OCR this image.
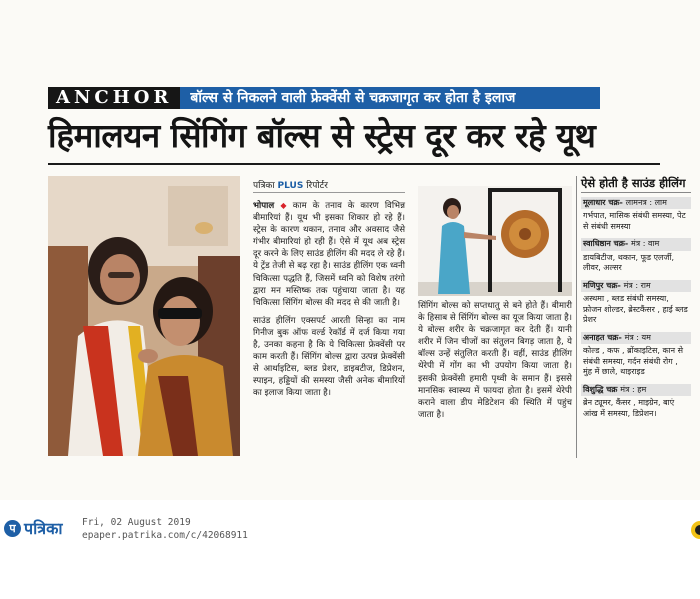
ANCHOR	बॉल्स से निकलने वाली फ्रेक्वेंसी से चक्रजागृत कर होता है इलाज
हिमालयन सिंगिंग बॉल्स से स्ट्रेस दूर कर रहे यूथ
पत्रिका PLUS रिपोर्टर

भोपाल ◆ काम के तनाव के कारण विभिन्न बीमारियां हैं। यूथ भी इसका शिकार हो रहे हैं। स्ट्रेस के कारण थकान, तनाव और अवसाद जैसे गंभीर बीमारियां हो रही हैं। ऐसे में यूथ अब स्ट्रेस दूर करने के लिए साउंड हीलिंग की मदद ले रहे हैं। ये ट्रेंड तेजी से बढ़ रहा है। साउंड हीलिंग एक ध्वनी चिकित्सा पद्धति हैं, जिसमें ध्वनि को विशेष तरंगो द्वारा मन मस्तिष्क तक पहुंचाया जाता है। यह चिकित्सा सिंगिंग बोल्स की मदद से की जाती है।

साउंड हीलिंग एक्सपर्ट आरती सिन्हा का नाम गिनीज बुक ऑफ वर्ल्ड रेकॉर्ड में दर्ज किया गया है, उनका कहना है कि ये चिकित्सा फ्रेक्वेंसी पर काम करती हैं। सिंगिंग बोल्स द्वारा उत्पन्न फ्रेक्वेंसी से आर्थाइटिस, ब्लड प्रेशर, डाइबटीज, डिप्रेशन, स्पाइन, हड्डियों की समस्या जैसी अनेक बीमारियों का इलाज किया जाता है।

सिंगिंग बोल्स को सप्तधातु से बने होते हैं। बीमारी के हिसाब से सिंगिंग बोल्स का यूज किया जाता है। ये बोल्स शरीर के चक्रजागृत कर देती हैं। यानी शरीर में जिन चीजों का संतुलन बिगड़ जाता है, ये बॉल्स उन्हें संतुलित करती हैं। वहीं, साउंड हीलिंग थेरेपी में गोंग का भी उपयोग किया जाता है। इसकी फ्रेक्वेंसी हमारी पृथ्वी के समान हैं। इससे मानसिक स्वास्थ्य में फायदा होता है। इसमें थेरेपी कराने वाला डीप मेडिटेशन की स्थिति में पहुंच जाता है।

ऐसे होती है साउंड हीलिंग
मूलाधार चक्र- लामनत्र : लाम
गर्भपात, मासिक संबंधी समस्या, पेट से संबंधी समस्या
स्वाधिष्ठान चक्र- मंत्र : वाम
डायबिटीज, थकान, फूड एलर्जी, लीवर, अल्सर
मणिपुर चक्र- मंत्र : राम
अस्थमा , ब्लड संबंधी समस्या, फ्रोजन शोल्डर, ब्रेस्टकैंसर , हाई ब्लड प्रेशर
अनाहत चक्र- मंत्र : यम
कोल्ड , कफ , ब्रोंकाइटिस, कान से संबंधी समस्या, गर्दन संबंधी रोग , मुंह में छाले, थाइराइड
विशुद्धि चक्र मंत्र : हम
ब्रेन ट्यूमर, कैंसर , माइग्रेन, बाएं आंख में समस्या, डिप्रेशन।
प पत्रिका Fri, 02 August 2019
epaper.patrika.com/c/42068911
